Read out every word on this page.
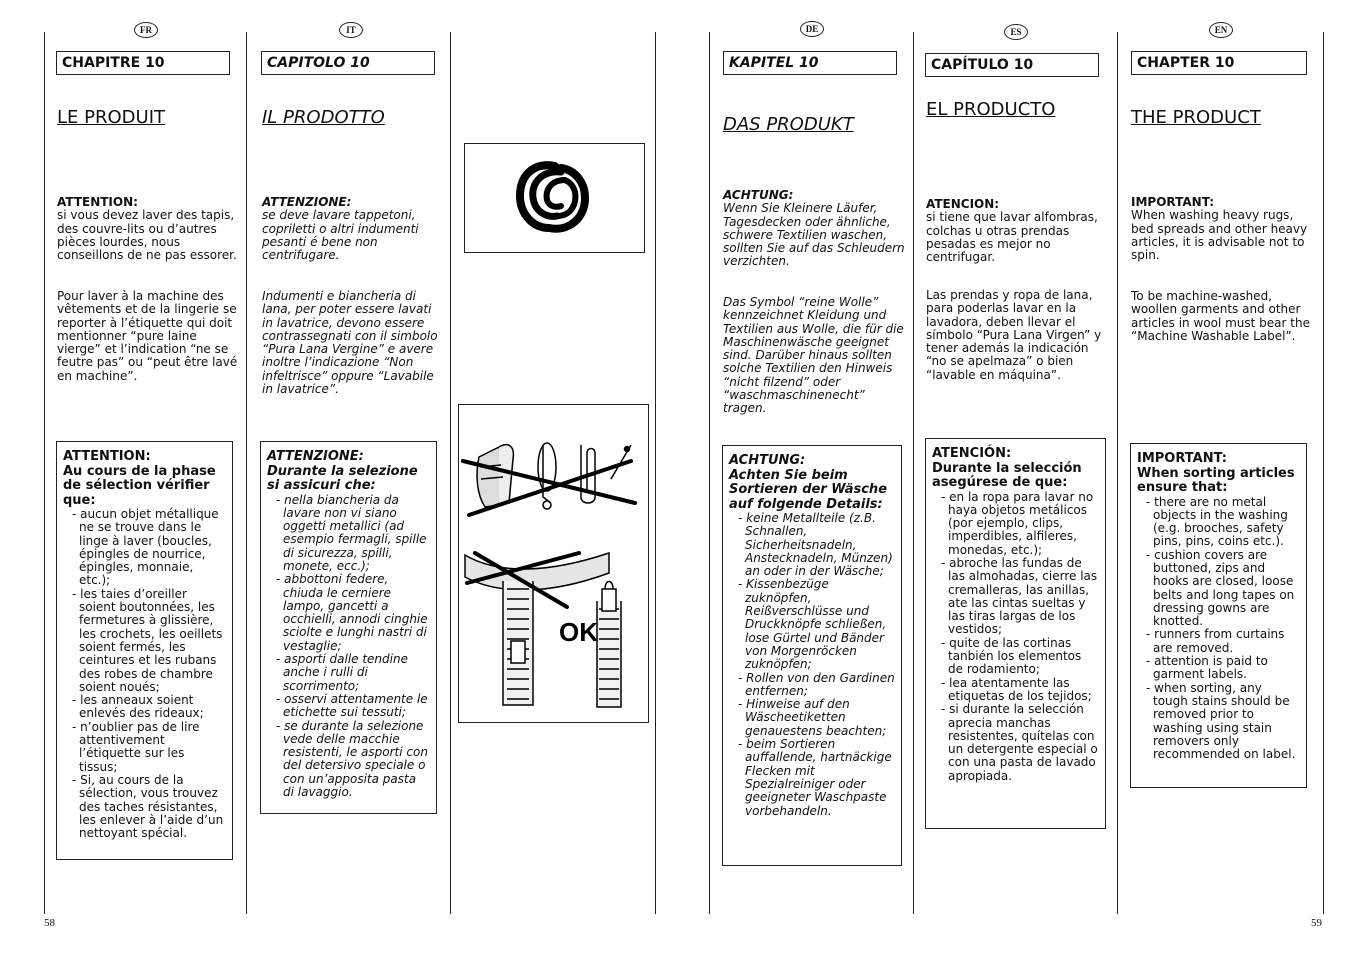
FR
CHAPITRE 10
LE PRODUIT
ATTENTION:
si vous devez laver des tapis, des couvre-lits ou d’autres pièces lourdes, nous conseillons de ne pas essorer.
Pour laver à la machine des vêtements et de la lingerie se reporter à l’étiquette qui doit mentionner “pure laine vierge” et l’indication “ne se feutre pas” ou “peut être lavé en machine”.
ATTENTION:
Au cours de la phase de sélection vérifier que:
- aucun objet métallique ne se trouve dans le linge à laver (boucles, épingles de nourrice, épingles, monnaie, etc.);
- les taies d’oreiller soient boutonnées, les fermetures à glissière, les crochets, les oeillets soient fermés, les ceintures et les rubans des robes de chambre soient noués;
- les anneaux soient enlevés des rideaux;
- n’oublier pas de lire attentivement l’étiquette sur les tissus;
- Si, au cours de la sélection, vous trouvez des taches résistantes, les enlever à l’aide d’un nettoyant spécial.
IT
CAPITOLO 10
IL PRODOTTO
ATTENZIONE:
se deve lavare tappetoni, copriletti o altri indumenti pesanti é bene non centrifugare.
Indumenti e biancheria di lana, per poter essere lavati in lavatrice, devono essere contrassegnati con il simbolo “Pura Lana Vergine” e avere inoltre l’indicazione “Non infeltrisce” oppure “Lavabile in lavatrice”.
ATTENZIONE:
Durante la selezione si assicuri che:
- nella biancheria da lavare non vi siano oggetti metallici (ad esempio fermagli, spille di sicurezza, spilli, monete, ecc.);
- abbottoni federe, chiuda le cerniere lampo, gancetti a occhielli, annodi cinghie sciolte e lunghi nastri di vestaglie;
- asporti dalle tendine anche i rulli di scorrimento;
- osservi attentamente le etichette sui tessuti;
- se durante la selezione vede delle macchie resistenti, le asporti con del detersivo speciale o con un’apposita pasta di lavaggio.
OK
DE
KAPITEL 10
DAS PRODUKT
ACHTUNG:
Wenn Sie Kleinere Läufer, Tagesdecken oder ähnliche, schwere Textilien waschen, sollten Sie auf das Schleudern verzichten.
Das Symbol “reine Wolle” kennzeichnet Kleidung und Textilien aus Wolle, die für die Maschinenwäsche geeignet sind. Darüber hinaus sollten solche Textilien den Hinweis “nicht filzend” oder “waschmaschinenecht” tragen.
ACHTUNG:
Achten Sie beim Sortieren der Wäsche auf folgende Details:
- keine Metallteile (z.B. Schnallen, Sicherheitsnadeln, Anstecknadeln, Münzen) an oder in der Wäsche;
- Kissenbezüge zuknöpfen, Reißverschlüsse und Druckknöpfe schließen, lose Gürtel und Bänder von Morgenröcken zuknöpfen;
- Rollen von den Gardinen entfernen;
- Hinweise auf den Wäscheetiketten genauestens beachten;
- beim Sortieren auffallende, hartnäckige Flecken mit Spezialreiniger oder geeigneter Waschpaste vorbehandeln.
ES
CAPÍTULO 10
EL PRODUCTO
ATENCION:
si tiene que lavar alfombras, colchas u otras prendas pesadas es mejor no centrifugar.
Las prendas y ropa de lana, para poderlas lavar en la lavadora, deben llevar el símbolo “Pura Lana Virgen” y tener además la indicación “no se apelmaza” o bien “lavable en máquina”.
ATENCIÓN:
Durante la selección asegúrese de que:
- en la ropa para lavar no haya objetos metálicos (por ejemplo, clips, imperdibles, alfileres, monedas, etc.);
- abroche las fundas de las almohadas, cierre las cremalleras, las anillas, ate las cintas sueltas y las tiras largas de los vestidos;
- quite de las cortinas tanbién los elementos de rodamiento;
- lea atentamente las etiquetas de los tejidos;
- si durante la selección aprecia manchas resistentes, quítelas con un detergente especial o con una pasta de lavado apropiada.
EN
CHAPTER 10
THE PRODUCT
IMPORTANT:
When washing heavy rugs, bed spreads and other heavy articles, it is advisable not to spin.
To be machine-washed, woollen garments and other articles in wool must bear the “Machine Washable Label”.
IMPORTANT:
When sorting articles ensure that:
- there are no metal objects in the washing (e.g. brooches, safety pins, pins, coins etc.).
- cushion covers are buttoned, zips and hooks are closed, loose belts and long tapes on dressing gowns are knotted.
- runners from curtains are removed.
- attention is paid to garment labels.
- when sorting, any tough stains should be removed prior to washing using stain removers only recommended on label.
58	59
